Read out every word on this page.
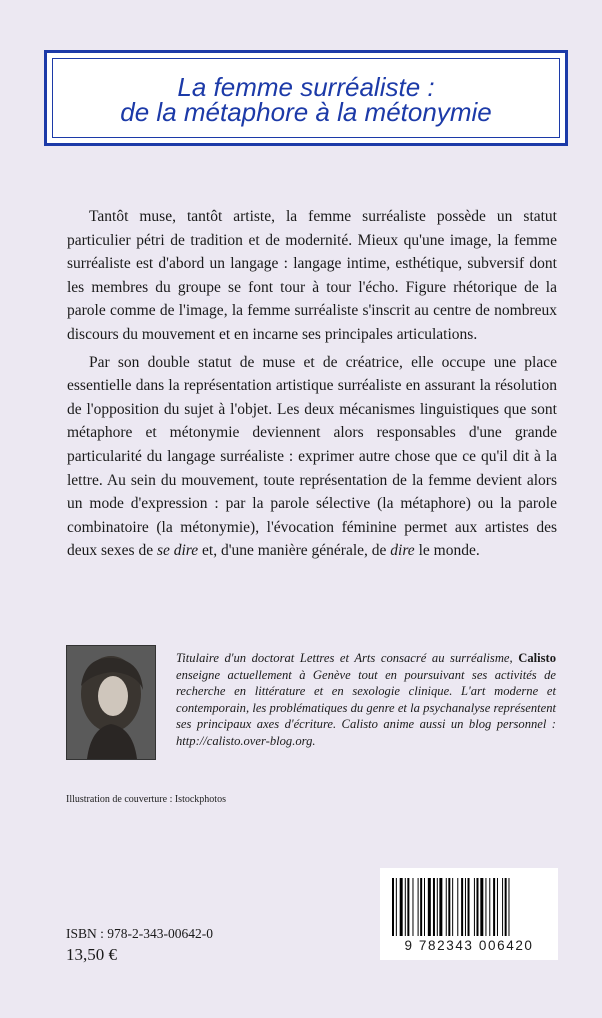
La femme surréaliste :
de la métaphore à la métonymie

Tantôt muse, tantôt artiste, la femme surréaliste possède un statut particulier pétri de tradition et de modernité. Mieux qu'une image, la femme surréaliste est d'abord un langage : langage intime, esthétique, subversif dont les membres du groupe se font tour à tour l'écho. Figure rhétorique de la parole comme de l'image, la femme surréaliste s'inscrit au centre de nombreux discours du mouvement et en incarne ses principales articulations.

Par son double statut de muse et de créatrice, elle occupe une place essentielle dans la représentation artistique surréaliste en assurant la résolution de l'opposition du sujet à l'objet. Les deux mécanismes linguistiques que sont métaphore et métonymie deviennent alors responsables d'une grande particularité du langage surréaliste : exprimer autre chose que ce qu'il dit à la lettre. Au sein du mouvement, toute représentation de la femme devient alors un mode d'expression : par la parole sélective (la métaphore) ou la parole combinatoire (la métonymie), l'évocation féminine permet aux artistes des deux sexes de se dire et, d'une manière générale, de dire le monde.

Titulaire d'un doctorat Lettres et Arts consacré au surréalisme, Calisto enseigne actuellement à Genève tout en poursuivant ses activités de recherche en littérature et en sexologie clinique. L'art moderne et contemporain, les problématiques du genre et la psychanalyse représentent ses principaux axes d'écriture. Calisto anime aussi un blog personnel : http://calisto.over-blog.org.
Illustration de couverture : Istockphotos
ISBN : 978-2-343-00642-0
13,50 €	9 782343 006420
